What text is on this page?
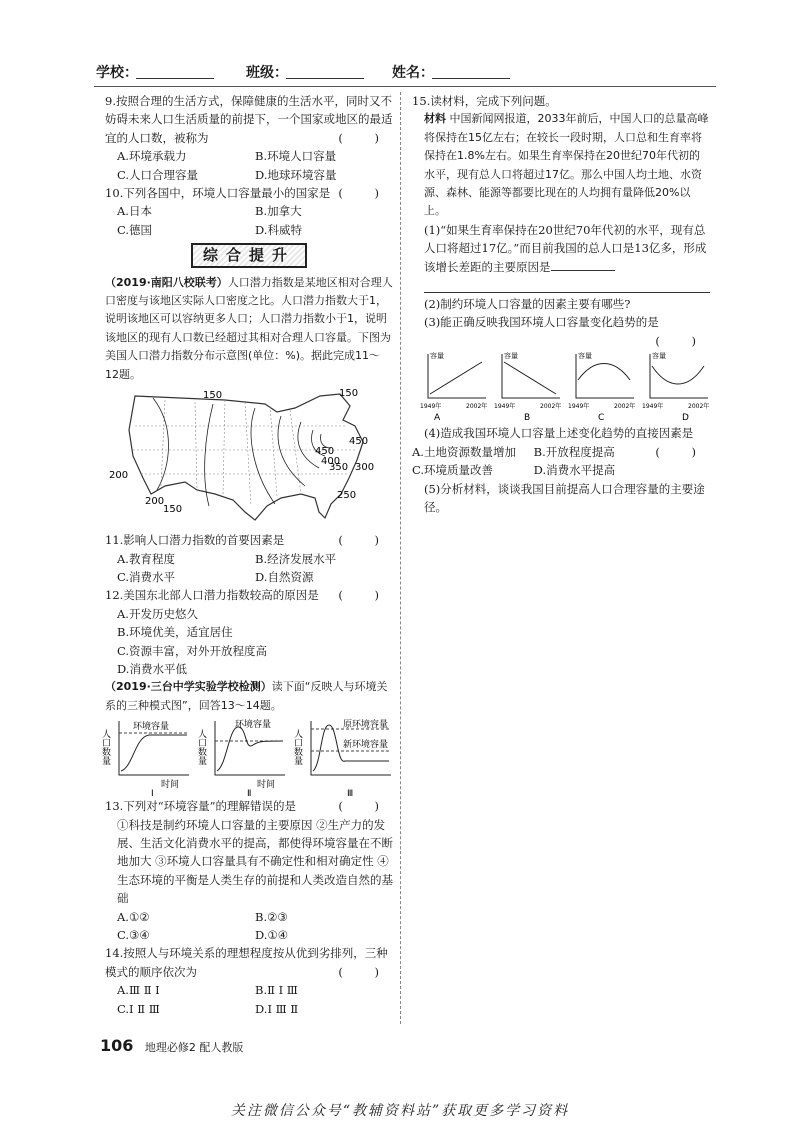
学校：	班级：	姓名：

9.按照合理的生活方式，保障健康的生活水平，同时又不妨碍未来人口生活质量的前提下，一个国家或地区的最适宜的人口数，被称为	( )

A.环境承载力	B.环境人口容量
C.人口合理容量	D.地球环境容量

10.下列各国中，环境人口容量最小的国家是 ( )

A.日本	B.加拿大
C.德国	D.科威特
综合提升

（2019·南阳八校联考）人口潜力指数是某地区相对合理人口密度与该地区实际人口密度之比。人口潜力指数大于1，说明该地区可以容纳更多人口；人口潜力指数小于1，说明该地区的现有人口数已经超过其相对合理人口容量。下图为美国人口潜力指数分布示意图(单位：%)。据此完成11～12题。

150	150
450
450
400
350 300
250
200
200
150

11.影响人口潜力指数的首要因素是	( )

A.教育程度	B.经济发展水平
C.消费水平	D.自然资源

12.美国东北部人口潜力指数较高的原因是 ( )

A.开发历史悠久
B.环境优美，适宜居住
C.资源丰富，对外开放程度高
D.消费水平低

（2019·三台中学实验学校检测）读下面“反映人与环境关系的三种模式图”，回答13～14题。

人口数量
环境容量
时间
Ⅰ
人口数量
环境容量
时间
Ⅱ
人口数量
原环境容量
新环境容量
Ⅲ

13.下列对“环境容量”的理解错误的是	( )

①科技是制约环境人口容量的主要原因 ②生产力的发展、生活文化消费水平的提高，都使得环境容量在不断地加大 ③环境人口容量具有不确定性和相对确定性 ④生态环境的平衡是人类生存的前提和人类改造自然的基础

A.①②	B.②③
C.③④	D.①④

14.按照人与环境关系的理想程度按从优到劣排列，三种模式的顺序依次为	( )

A.Ⅲ Ⅱ Ⅰ	B.Ⅱ Ⅰ Ⅲ
C.Ⅰ Ⅱ Ⅲ	D.Ⅰ Ⅲ Ⅱ

15.读材料，完成下列问题。

材料 中国新闻网报道，2033年前后，中国人口的总量高峰将保持在15亿左右；在较长一段时期，人口总和生育率将保持在1.8%左右。如果生育率保持在20世纪70年代初的水平，现有总人口将超过17亿。那么中国人均土地、水资源、森林、能源等都要比现在的人均拥有量降低20%以上。

(1)“如果生育率保持在20世纪70年代初的水平，现有总人口将超过17亿。”而目前我国的总人口是13亿多，形成该增长差距的主要原因是

(2)制约环境人口容量的因素主要有哪些?

(3)能正确反映我国环境人口容量变化趋势的是
( )

容量
1949年	2002年
A
容量
1949年	2002年
B
容量
1949年	2002年
C
容量
1949年	2002年
D

(4)造成我国环境人口容量上述变化趋势的直接因素是
( )

A.土地资源数量增加	B.开放程度提高
C.环境质量改善	D.消费水平提高

(5)分析材料，谈谈我国目前提高人口合理容量的主要途径。

106 地理必修2 配人教版
关注微信公众号“教辅资料站”获取更多学习资料
